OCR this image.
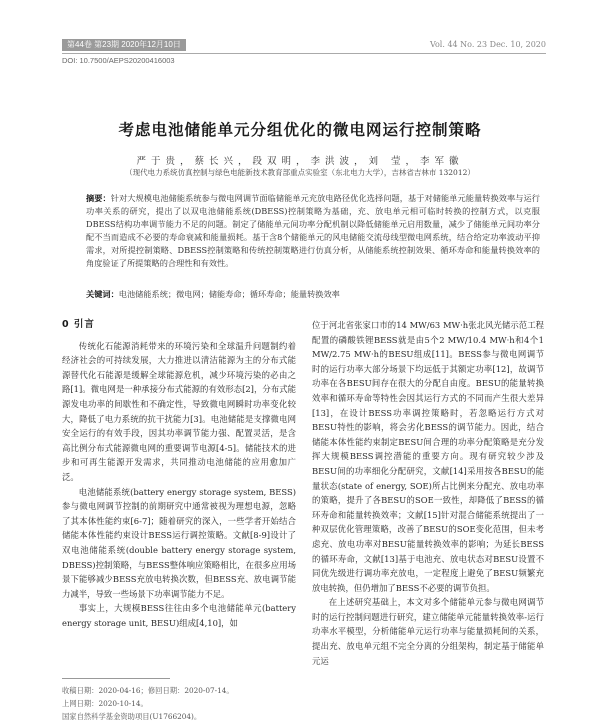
第44卷 第23期 2020年12月10日	Vol. 44 No. 23 Dec. 10, 2020
DOI: 10.7500/AEPS20200416003
考虑电池储能单元分组优化的微电网运行控制策略
严于贵，蔡长兴，段双明，李洪波，刘 莹，李军徽
（现代电力系统仿真控制与绿色电能新技术教育部重点实验室（东北电力大学），吉林省吉林市 132012）
摘要：针对大规模电池储能系统参与微电网调节面临储能单元充放电路径优化选择问题，基于对储能单元能量转换效率与运行功率关系的研究，提出了以双电池储能系统(DBESS)控制策略为基础，充、放电单元相可临时转换的控制方式，以克服DBESS结构功率调节能力不足的问题。制定了储能单元间功率分配机制以降低储能单元启用数量，减少了储能单元间功率分配不当而造成不必要的寿命衰减和能量损耗。基于含8个储能单元的风电储能交流母线型微电网系统，结合给定功率波动平抑需求，对所提控制策略、DBESS控制策略和传统控制策略进行仿真分析，从储能系统控制效果、循环寿命和能量转换效率的角度验证了所提策略的合理性和有效性。
关键词：电池储能系统；微电网；储能寿命；循环寿命；能量转换效率
0 引言

传统化石能源消耗带来的环境污染和全球温升问题制约着经济社会的可持续发展，大力推进以清洁能源为主的分布式能源替代化石能源是缓解全球能源危机，减少环境污染的必由之路[1]。微电网是一种承接分布式能源的有效形态[2]，分布式能源发电功率的间歇性和不确定性，导致微电网瞬时功率变化较大，降低了电力系统的抗干扰能力[3]。电池储能是支撑微电网安全运行的有效手段，因其功率调节能力强、配置灵活，是含高比例分布式能源微电网的重要调节电源[4-5]。储能技术的进步和可再生能源开发需求，共同推动电池储能的应用愈加广泛。

电池储能系统(battery energy storage system, BESS)参与微电网调节控制的前期研究中通常被视为理想电源，忽略了其本体性能约束[6-7]；随着研究的深入，一些学者开始结合储能本体性能约束设计BESS运行调控策略。文献[8-9]设计了双电池储能系统(double battery energy storage system, DBESS)控制策略，与BESS整体响应策略相比，在很多应用场景下能够减少BESS充放电转换次数，但BESS充、放电调节能力减半，导致一些场景下功率调节能力不足。

事实上，大规模BESS往往由多个电池储能单元(battery energy storage unit, BESU)组成[4,10]，如

位于河北省张家口市的14 MW/63 MW·h张北风光储示范工程配置的磷酸铁锂BESS就是由5个2 MW/10.4 MW·h和4个1 MW/2.75 MW·h的BESU组成[11]。BESS参与微电网调节时的运行功率大部分场景下均远低于其额定功率[12]，故调节功率在各BESU间存在很大的分配自由度。BESU的能量转换效率和循环寿命等特性会因其运行方式的不同而产生很大差异[13]，在设计BESS功率调控策略时，若忽略运行方式对BESU特性的影响，将会劣化BESS的调节能力。因此，结合储能本体性能约束制定BESU间合理的功率分配策略是充分发挥大规模BESS调控潜能的重要方向。现有研究较少涉及BESU间的功率细化分配研究，文献[14]采用按各BESU的能量状态(state of energy, SOE)所占比例来分配充、放电功率的策略，提升了各BESU的SOE一致性，却降低了BESS的循环寿命和能量转换效率；文献[15]针对混合储能系统提出了一种双层优化管理策略，改善了BESU的SOE变化范围，但未考虑充、放电功率对BESU能量转换效率的影响；为延长BESS的循环寿命，文献[13]基于电池充、放电状态对BESU设置不同优先级进行调功率充放电，一定程度上避免了BESU频繁充放电转换，但仍增加了BESS不必要的调节负担。

在上述研究基础上，本文对多个储能单元参与微电网调节时的运行控制问题进行研究，建立储能单元能量转换效率-运行功率水平模型，分析储能单元运行功率与能量损耗间的关系，提出充、放电单元组不完全分离的分组架构，制定基于储能单元运

收稿日期：2020-04-16；修回日期：2020-07-14。
上网日期：2020-10-14。
国家自然科学基金资助项目(U1766204)。
